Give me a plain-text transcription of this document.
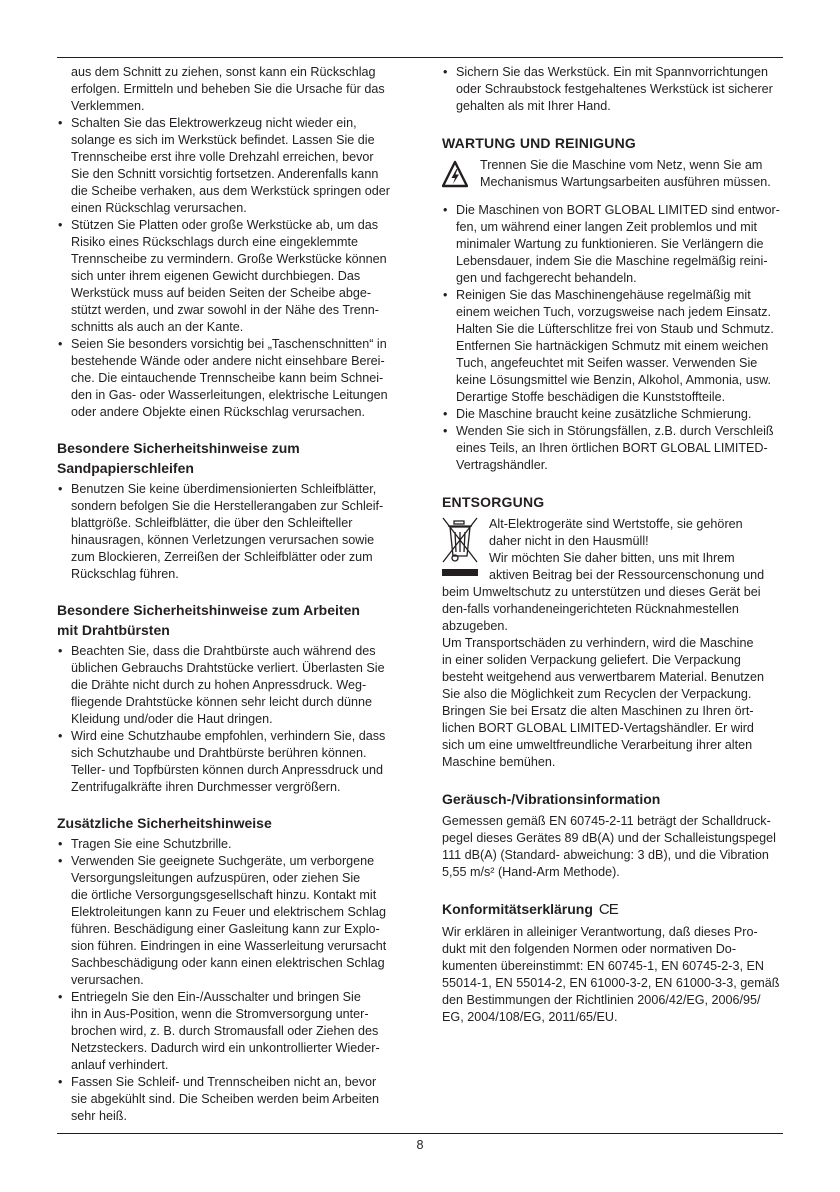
aus dem Schnitt zu ziehen, sonst kann ein Rückschlag
erfolgen. Ermitteln und beheben Sie die Ursache für das
Verklemmen.
• Schalten Sie das Elektrowerkzeug nicht wieder ein,
solange es sich im Werkstück befindet. Lassen Sie die
Trennscheibe erst ihre volle Drehzahl erreichen, bevor
Sie den Schnitt vorsichtig fortsetzen. Anderenfalls kann
die Scheibe verhaken, aus dem Werkstück springen oder
einen Rückschlag verursachen.
• Stützen Sie Platten oder große Werkstücke ab, um das
Risiko eines Rückschlags durch eine eingeklemmte
Trennscheibe zu vermindern. Große Werkstücke können
sich unter ihrem eigenen Gewicht durchbiegen. Das
Werkstück muss auf beiden Seiten der Scheibe abge-
stützt werden, und zwar sowohl in der Nähe des Trenn-
schnitts als auch an der Kante.
• Seien Sie besonders vorsichtig bei „Taschenschnitten“ in
bestehende Wände oder andere nicht einsehbare Berei-
che. Die eintauchende Trennscheibe kann beim Schnei-
den in Gas- oder Wasserleitungen, elektrische Leitungen
oder andere Objekte einen Rückschlag verursachen.
Besondere Sicherheitshinweise zum
Sandpapierschleifen
• Benutzen Sie keine überdimensionierten Schleifblätter,
sondern befolgen Sie die Herstellerangaben zur Schleif-
blattgröße. Schleifblätter, die über den Schleifteller
hinausragen, können Verletzungen verursachen sowie
zum Blockieren, Zerreißen der Schleifblätter oder zum
Rückschlag führen.
Besondere Sicherheitshinweise zum Arbeiten
mit Drahtbürsten
• Beachten Sie, dass die Drahtbürste auch während des
üblichen Gebrauchs Drahtstücke verliert. Überlasten Sie
die Drähte nicht durch zu hohen Anpressdruck. Weg-
fliegende Drahtstücke können sehr leicht durch dünne
Kleidung und/oder die Haut dringen.
• Wird eine Schutzhaube empfohlen, verhindern Sie, dass
sich Schutzhaube und Drahtbürste berühren können.
Teller- und Topfbürsten können durch Anpressdruck und
Zentrifugalkräfte ihren Durchmesser vergrößern.
Zusätzliche Sicherheitshinweise
• Tragen Sie eine Schutzbrille.
• Verwenden Sie geeignete Suchgeräte, um verborgene
Versorgungsleitungen aufzuspüren, oder ziehen Sie
die örtliche Versorgungsgesellschaft hinzu. Kontakt mit
Elektroleitungen kann zu Feuer und elektrischem Schlag
führen. Beschädigung einer Gasleitung kann zur Explo-
sion führen. Eindringen in eine Wasserleitung verursacht
Sachbeschädigung oder kann einen elektrischen Schlag
verursachen.
• Entriegeln Sie den Ein-/Ausschalter und bringen Sie
ihn in Aus-Position, wenn die Stromversorgung unter-
brochen wird, z. B. durch Stromausfall oder Ziehen des
Netzsteckers. Dadurch wird ein unkontrollierter Wieder-
anlauf verhindert.
• Fassen Sie Schleif- und Trennscheiben nicht an, bevor
sie abgekühlt sind. Die Scheiben werden beim Arbeiten
sehr heiß.
• Sichern Sie das Werkstück. Ein mit Spannvorrichtungen
oder Schraubstock festgehaltenes Werkstück ist sicherer
gehalten als mit Ihrer Hand.
WARTUNG UND REINIGUNG
Trennen Sie die Maschine vom Netz, wenn Sie am
Mechanismus Wartungsarbeiten ausführen müssen.
• Die Maschinen von BORT GLOBAL LIMITED sind entwor-
fen, um während einer langen Zeit problemlos und mit
minimaler Wartung zu funktionieren. Sie Verlängern die
Lebensdauer, indem Sie die Maschine regelmäßig reini-
gen und fachgerecht behandeln.
• Reinigen Sie das Maschinengehäuse regelmäßig mit
einem weichen Tuch, vorzugsweise nach jedem Einsatz.
Halten Sie die Lüfterschlitze frei von Staub und Schmutz.
Entfernen Sie hartnäckigen Schmutz mit einem weichen
Tuch, angefeuchtet mit Seifen wasser. Verwenden Sie
keine Lösungsmittel wie Benzin, Alkohol, Ammonia, usw.
Derartige Stoffe beschädigen die Kunststoffteile.
• Die Maschine braucht keine zusätzliche Schmierung.
• Wenden Sie sich in Störungsfällen, z.B. durch Verschleiß
eines Teils, an Ihren örtlichen BORT GLOBAL LIMITED-
Vertragshändler.
ENTSORGUNG
Alt-Elektrogeräte sind Wertstoffe, sie gehören
daher nicht in den Hausmüll!
Wir möchten Sie daher bitten, uns mit Ihrem
aktiven Beitrag bei der Ressourcenschonung und
beim Umweltschutz zu unterstützen und dieses Gerät bei
den-falls vorhandeneingerichteten Rücknahmestellen
abzugeben.
Um Transportschäden zu verhindern, wird die Maschine
in einer soliden Verpackung geliefert. Die Verpackung
besteht weitgehend aus verwertbarem Material. Benutzen
Sie also die Möglichkeit zum Recyclen der Verpackung.
Bringen Sie bei Ersatz die alten Maschinen zu Ihren ört-
lichen BORT GLOBAL LIMITED-Vertagshändler. Er wird
sich um eine umweltfreundliche Verarbeitung ihrer alten
Maschine bemühen.
Geräusch-/Vibrationsinformation
Gemessen gemäß EN 60745-2-11 beträgt der Schalldruck-
pegel dieses Gerätes 89 dB(A) und der Schalleistungspegel
111 dB(A) (Standard- abweichung: 3 dB), und die Vibration
5,55 m/s² (Hand-Arm Methode).
Konformitätserklärung CE
Wir erklären in alleiniger Verantwortung, daß dieses Pro-
dukt mit den folgenden Normen oder normativen Do-
kumenten übereinstimmt: EN 60745-1, EN 60745-2-3, EN
55014-1, EN 55014-2, EN 61000-3-2, EN 61000-3-3, gemäß
den Bestimmungen der Richtlinien 2006/42/EG, 2006/95/
EG, 2004/108/EG, 2011/65/EU.
8
